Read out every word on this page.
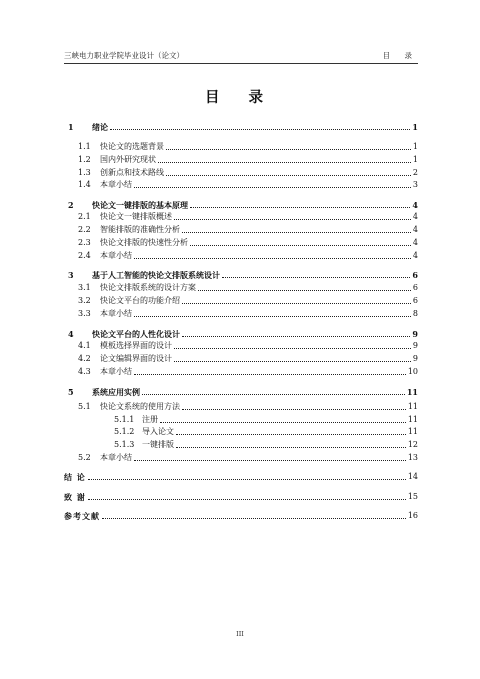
三峡电力职业学院毕业设计（论文）	目 录
目 录
1 绪论	1
1.1 快论文的选题背景	1
1.2 国内外研究现状	1
1.3 创新点和技术路线	2
1.4 本章小结	3
2 快论文一键排版的基本原理	4
2.1 快论文一键排版概述	4
2.2 智能排版的准确性分析	4
2.3 快论文排版的快速性分析	4
2.4 本章小结	4
3 基于人工智能的快论文排版系统设计	6
3.1 快论文排版系统的设计方案	6
3.2 快论文平台的功能介绍	6
3.3 本章小结	8
4 快论文平台的人性化设计	9
4.1 模板选择界面的设计	9
4.2 论文编辑界面的设计	9
4.3 本章小结	10
5 系统应用实例	11
5.1 快论文系统的使用方法	11
5.1.1 注册	11
5.1.2 导入论文	11
5.1.3 一键排版	12
5.2 本章小结	13
结 论	14
致 谢	15
参考文献	16
III
